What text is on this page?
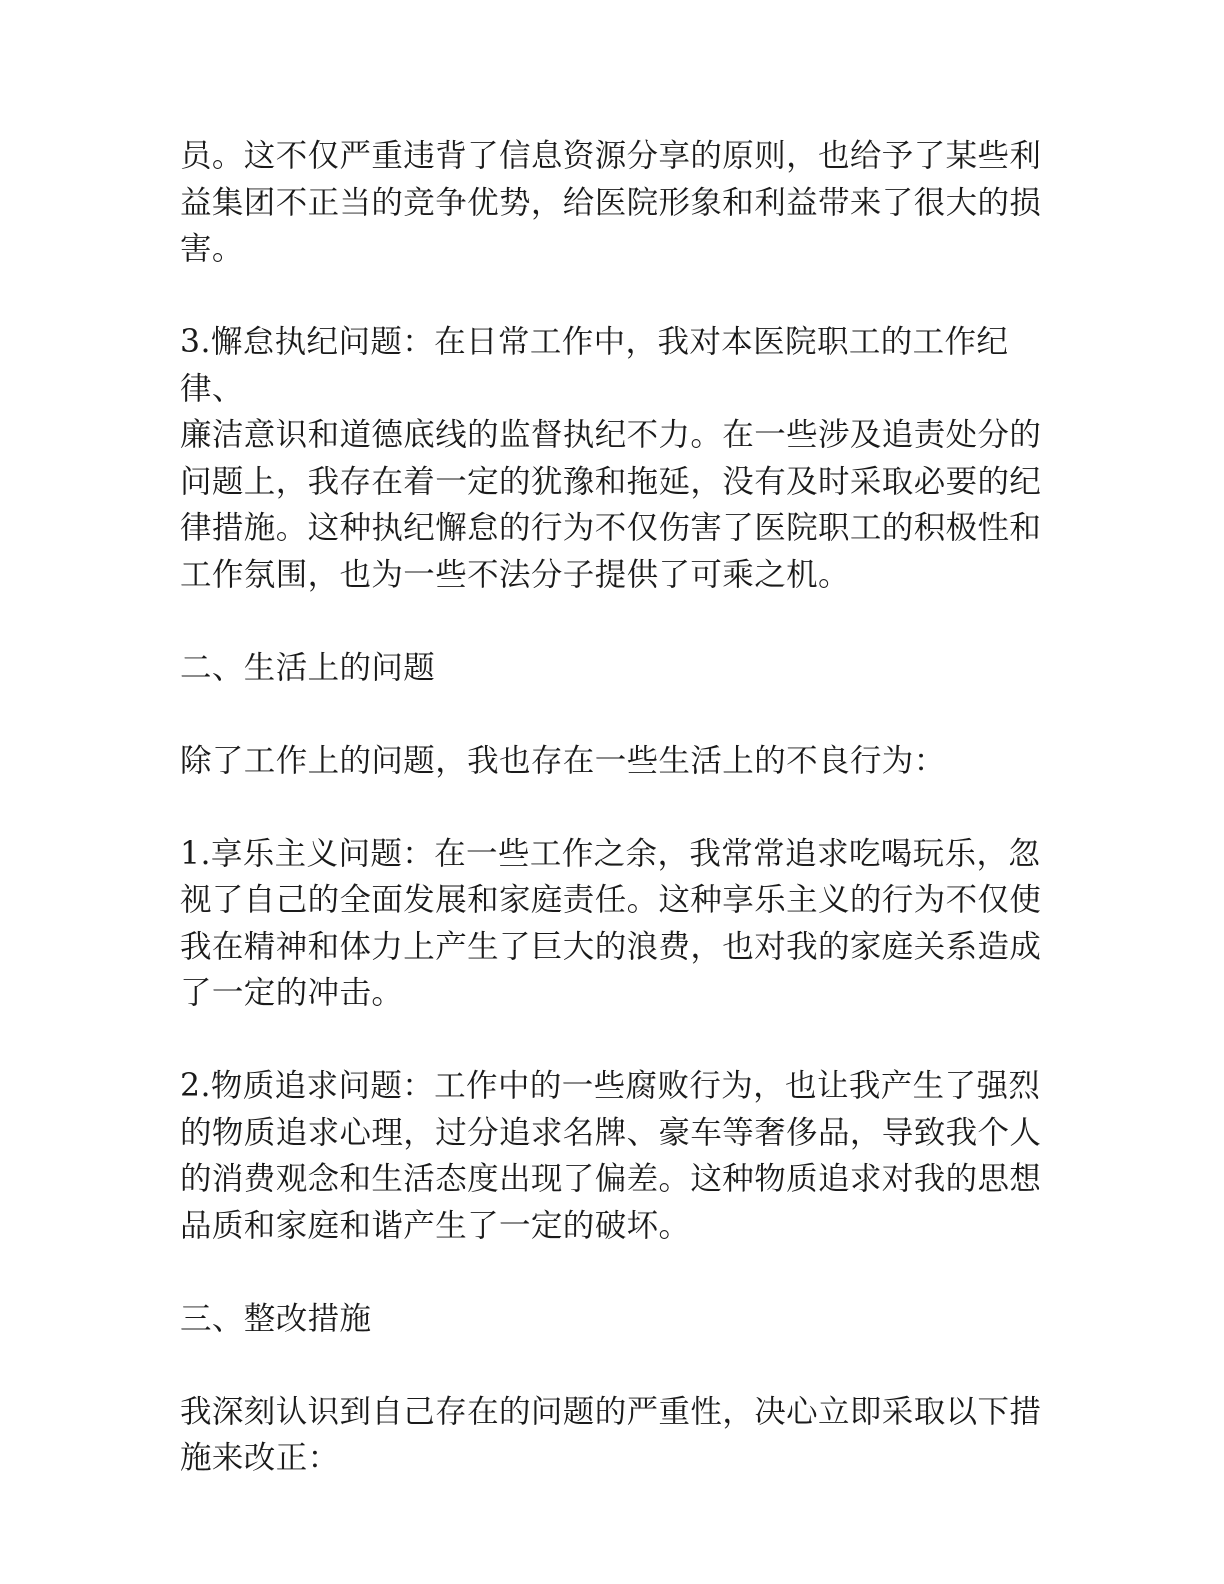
员。这不仅严重违背了信息资源分享的原则，也给予了某些利
益集团不正当的竞争优势，给医院形象和利益带来了很大的损
害。

3.懈怠执纪问题：在日常工作中，我对本医院职工的工作纪律、
廉洁意识和道德底线的监督执纪不力。在一些涉及追责处分的
问题上，我存在着一定的犹豫和拖延，没有及时采取必要的纪
律措施。这种执纪懈怠的行为不仅伤害了医院职工的积极性和
工作氛围，也为一些不法分子提供了可乘之机。

二、生活上的问题

除了工作上的问题，我也存在一些生活上的不良行为：

1.享乐主义问题：在一些工作之余，我常常追求吃喝玩乐，忽
视了自己的全面发展和家庭责任。这种享乐主义的行为不仅使
我在精神和体力上产生了巨大的浪费，也对我的家庭关系造成
了一定的冲击。

2.物质追求问题：工作中的一些腐败行为，也让我产生了强烈
的物质追求心理，过分追求名牌、豪车等奢侈品，导致我个人
的消费观念和生活态度出现了偏差。这种物质追求对我的思想
品质和家庭和谐产生了一定的破坏。

三、整改措施

我深刻认识到自己存在的问题的严重性，决心立即采取以下措
施来改正：
